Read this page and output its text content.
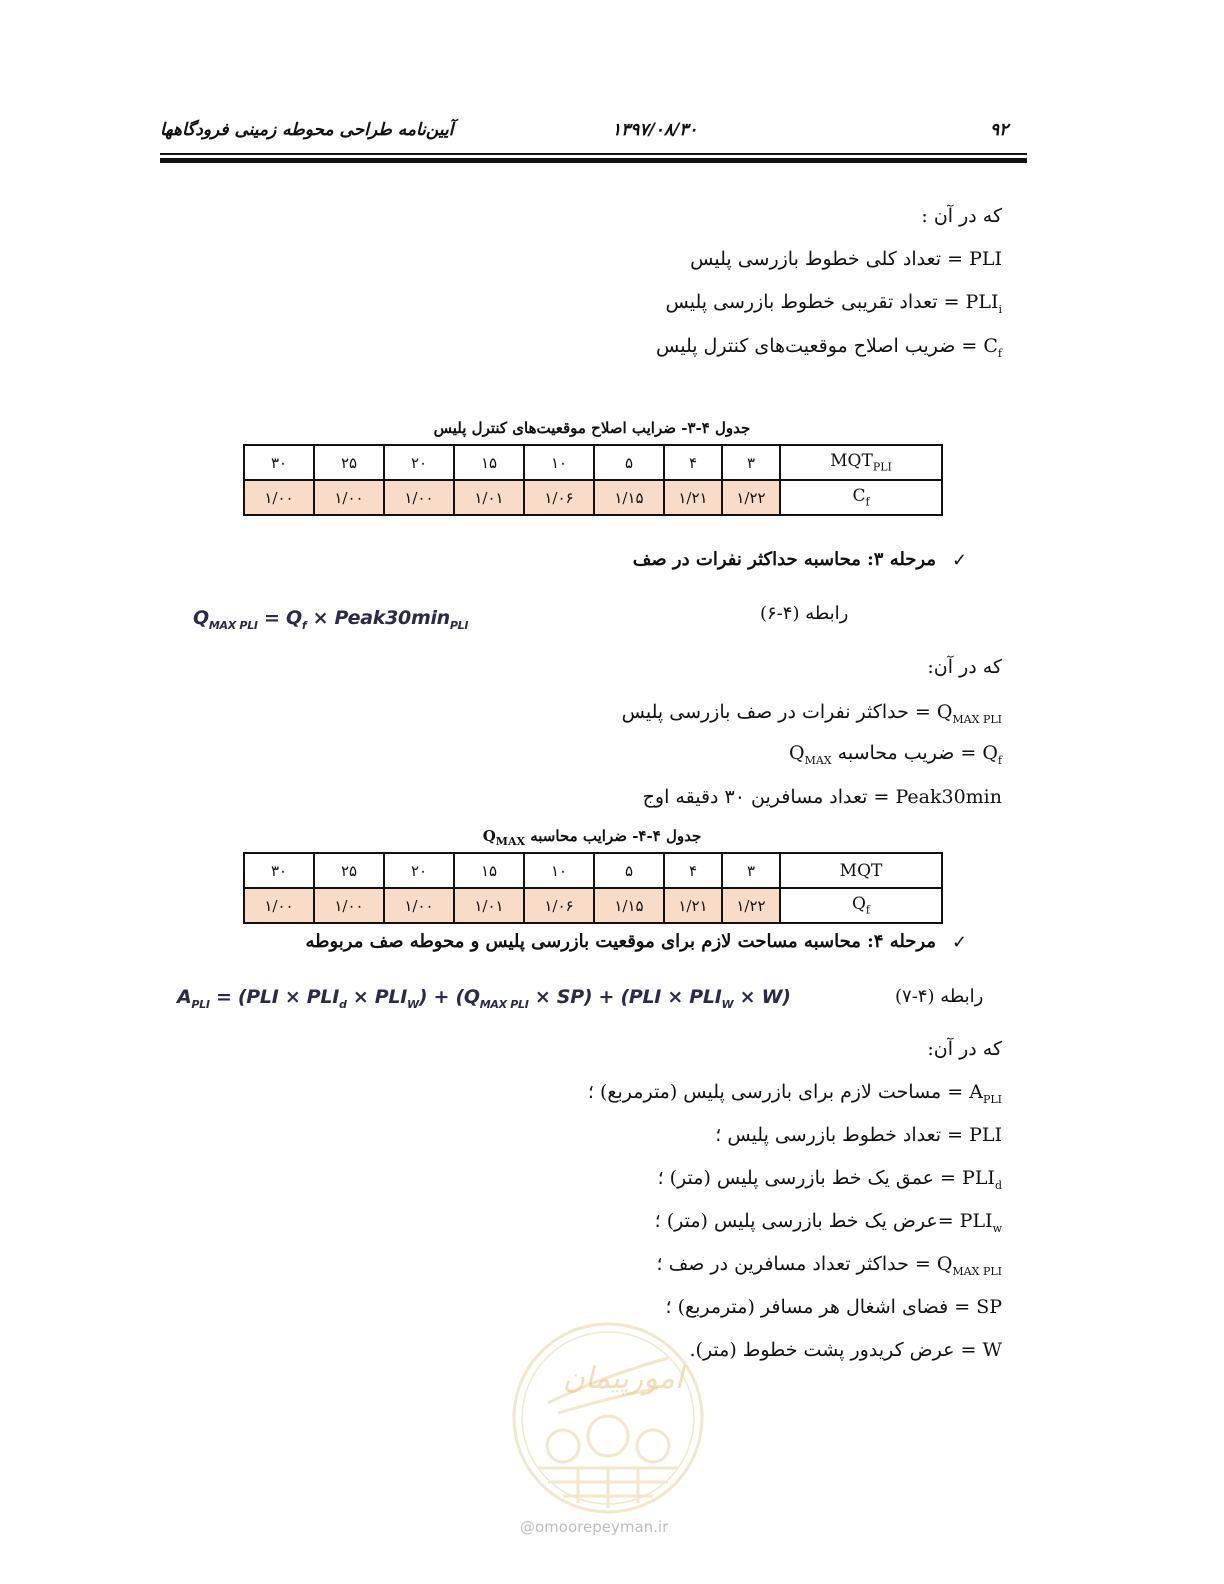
۹۲
۱۳۹۷/۰۸/۳۰
آیین‌نامه طراحی محوطه زمینی فرودگاهها
که در آن :
PLI = تعداد کلی خطوط بازرسی پلیس
$PLI_i$ = تعداد تقریبی خطوط بازرسی پلیس
$C_f$ = ضریب اصلاح موقعیت‌های کنترل پلیس
جدول ۴-۳- ضرایب اصلاح موقعیت‌های کنترل پلیس
۳۰	۲۵	۲۰	۱۵	۱۰	۵	۴	۳	$MQT_{PLI}$
۱/۰۰	۱/۰۰	۱/۰۰	۱/۰۱	۱/۰۶	۱/۱۵	۱/۲۱	۱/۲۲	$C_f$
✓
مرحله ۳: محاسبه حداکثر نفرات در صف
رابطه (۴-۶)
$Q_{MAX PLI} = Q_f$ × $Peak30\min_{PLI}$
که در آن:
$Q_{MAX PLI}$ = حداکثر نفرات در صف بازرسی پلیس
$Q_f$ = ضریب محاسبه $Q_{MAX}$
Peak30min = تعداد مسافرین ۳۰ دقیقه اوج
جدول ۴-۴- ضرایب محاسبه $Q_{MAX}$
۳۰	۲۵	۲۰	۱۵	۱۰	۵	۴	۳	MQT
۱/۰۰	۱/۰۰	۱/۰۰	۱/۰۱	۱/۰۶	۱/۱۵	۱/۲۱	۱/۲۲	$Q_f$
✓
مرحله ۴: محاسبه مساحت لازم برای موقعیت بازرسی پلیس و محوطه صف مربوطه
رابطه (۴-۷)
$A_{PLI} = (PLI \times PLI_d \times PLI_W) + (Q_{MAX PLI} \times SP) + (PLI \times PLI_W \times W)$
که در آن:
$A_{PLI}$ = مساحت لازم برای بازرسی پلیس (مترمربع) ؛
PLI = تعداد خطوط بازرسی پلیس ؛
$PLI_d$ = عمق یک خط بازرسی پلیس (متر) ؛
$PLI_w$ =عرض یک خط بازرسی پلیس (متر) ؛
$Q_{MAX PLI}$ = حداکثر تعداد مسافرین در صف ؛
SP = فضای اشغال هر مسافر (مترمربع) ؛
W = عرض کریدور پشت خطوط (متر).
امورپیمان
@omoorepeyman.ir
